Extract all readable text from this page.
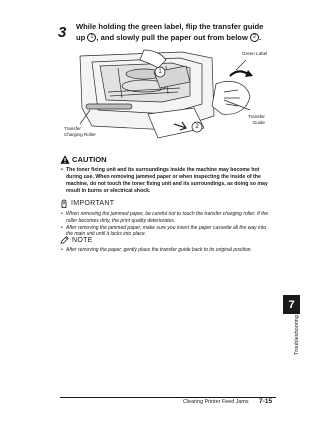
3 While holding the green label, flip the transfer guide up 1 , and slowly pull the paper out from below 2 .
1
2
Green Label
Transfer
Guide
Transfer
Charging Roller
CAUTION
• The toner fixing unit and its surroundings inside the machine may become hot during use. When removing jammed paper or when inspecting the inside of the machine, do not touch the toner fixing unit and its surroundings, as doing so may result in burns or electrical shock.
IMPORTANT
• When removing the jammed paper, be careful not to touch the transfer charging roller. If the roller becomes dirty, the print quality deteriorates.
• After removing the jammed paper, make sure you insert the paper cassette all the way into the main unit until it locks into place.
NOTE
• After removing the paper, gently place the transfer guide back to its original position.
7
Troubleshooting
Clearing Printer Feed Jams 7-15
